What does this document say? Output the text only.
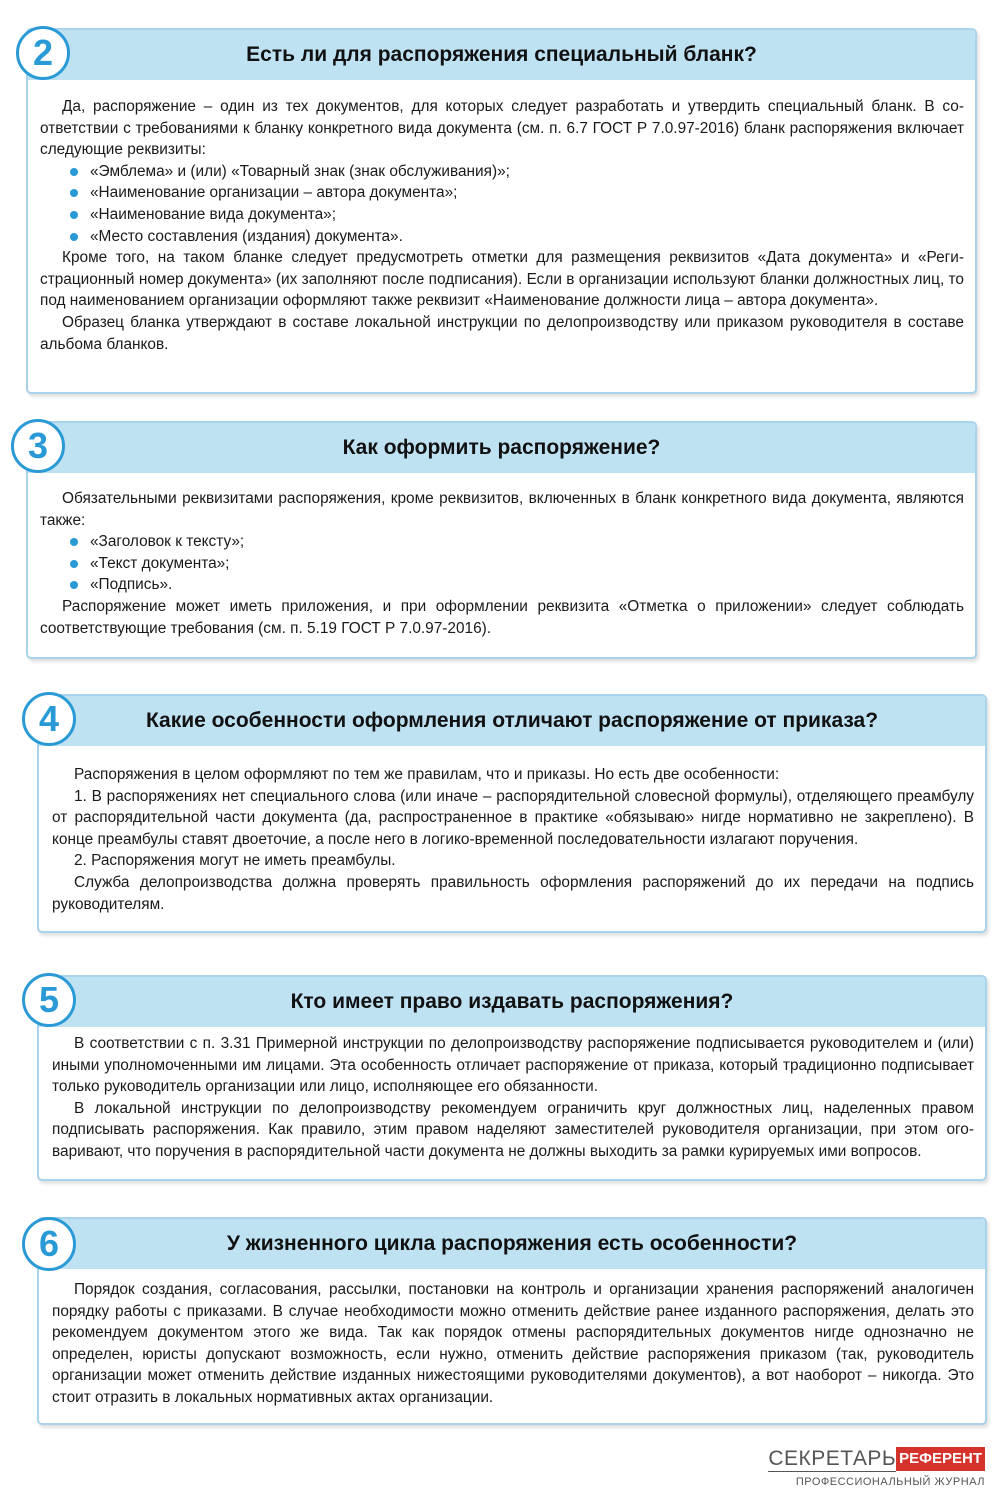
Есть ли для распоряжения специальный бланк?
2

Да, распоряжение – один из тех документов, для которых следует разработать и утвердить специальный бланк. В соответствии с требованиями к бланку конкретного вида документа (см. п. 6.7 ГОСТ Р 7.0.97-2016) бланк распоряжения включает следующие реквизиты:

«Эмблема» и (или) «Товарный знак (знак обслуживания)»;
«Наименование организации – автора документа»;
«Наименование вида документа»;
«Место составления (издания) документа».

Кроме того, на таком бланке следует предусмотреть отметки для размещения реквизитов «Дата документа» и «Регистрационный номер документа» (их заполняют после подписания). Если в организации используют бланки должностных лиц, то под наименованием организации оформляют также реквизит «Наименование должности лица – автора документа».

Образец бланка утверждают в составе локальной инструкции по делопроизводству или приказом руководителя в составе альбома бланков.

Как оформить распоряжение?
3

Обязательными реквизитами распоряжения, кроме реквизитов, включенных в бланк конкретного вида документа, являются также:

«Заголовок к тексту»;
«Текст документа»;
«Подпись».

Распоряжение может иметь приложения, и при оформлении реквизита «Отметка о приложении» следует соблюдать соответствующие требования (см. п. 5.19 ГОСТ Р 7.0.97-2016).

Какие особенности оформления отличают распоряжение от приказа?
4

Распоряжения в целом оформляют по тем же правилам, что и приказы. Но есть две особенности:

1. В распоряжениях нет специального слова (или иначе – распорядительной словесной формулы), отделяющего преамбулу от распорядительной части документа (да, распространенное в практике «обязываю» нигде нормативно не закреплено). В конце преамбулы ставят двоеточие, а после него в логико-временной последовательности излагают поручения.

2. Распоряжения могут не иметь преамбулы.

Служба делопроизводства должна проверять правильность оформления распоряжений до их передачи на подпись руководителям.

Кто имеет право издавать распоряжения?
5

В соответствии с п. 3.31 Примерной инструкции по делопроизводству распоряжение подписывается руководителем и (или) иными уполномоченными им лицами. Эта особенность отличает распоряжение от приказа, который традиционно подписывает только руководитель организации или лицо, исполняющее его обязанности.

В локальной инструкции по делопроизводству рекомендуем ограничить круг должностных лиц, наделенных правом подписывать распоряжения. Как правило, этим правом наделяют заместителей руководителя организации, при этом оговаривают, что поручения в распорядительной части документа не должны выходить за рамки курируемых ими вопросов.

У жизненного цикла распоряжения есть особенности?
6

Порядок создания, согласования, рассылки, постановки на контроль и организации хранения распоряжений аналогичен порядку работы с приказами. В случае необходимости можно отменить действие ранее изданного распоряжения, делать это рекомендуем документом этого же вида. Так как порядок отмены распорядительных документов нигде однозначно не определен, юристы допускают возможность, если нужно, отменить действие распоряжения приказом (так, руководитель организации может отменить действие изданных нижестоящими руководителями документов), а вот наоборот – никогда. Это стоит отразить в локальных нормативных актах организации.

СЕКРЕТАРЬ РЕФЕРЕНТ
ПРОФЕССИОНАЛЬНЫЙ ЖУРНАЛ
